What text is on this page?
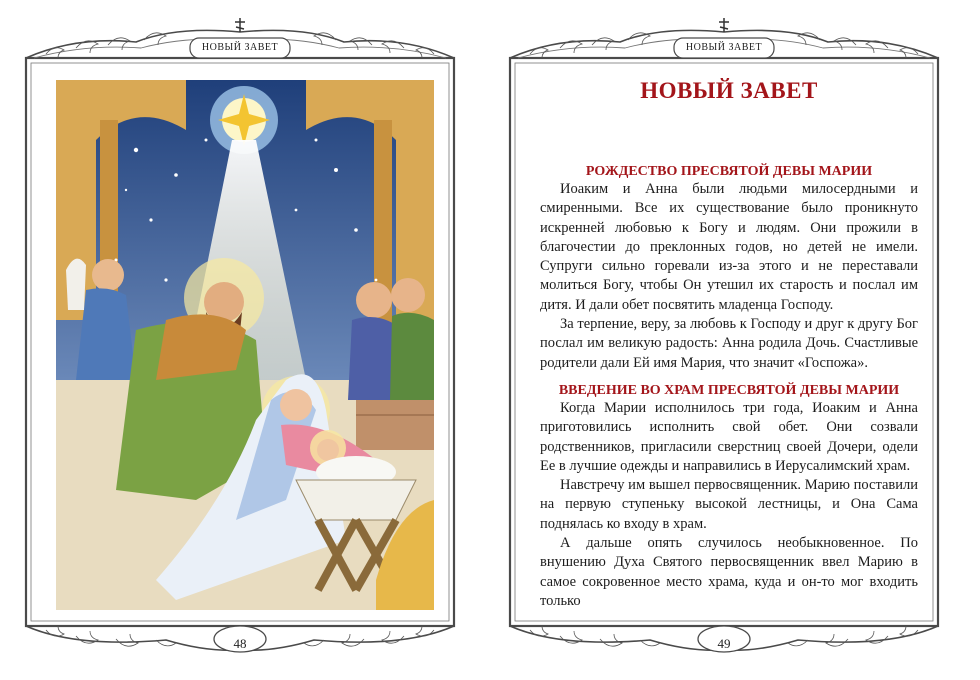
НОВЫЙ ЗАВЕТ
48
НОВЫЙ ЗАВЕТ
НОВЫЙ ЗАВЕТ
РОЖДЕСТВО ПРЕСВЯТОЙ ДЕВЫ МАРИИ

Иоаким и Анна были людьми милосердными и смиренными. Все их существование было проникнуто искренней любовью к Богу и людям. Они прожили в благочестии до преклонных годов, но детей не имели. Супруги сильно горевали из-за этого и не переставали молиться Богу, чтобы Он утешил их старость и послал им дитя. И дали обет посвятить младенца Господу.

За терпение, веру, за любовь к Господу и друг к другу Бог послал им великую радость: Анна родила Дочь. Счастливые родители дали Ей имя Мария, что значит «Госпожа».

ВВЕДЕНИЕ ВО ХРАМ ПРЕСВЯТОЙ ДЕВЫ МАРИИ

Когда Марии исполнилось три года, Иоаким и Анна приготовились исполнить свой обет. Они созвали родственников, пригласили сверстниц своей Дочери, одели Ее в лучшие одежды и направились в Иерусалимский храм.

Навстречу им вышел первосвященник. Марию поставили на первую ступеньку высокой лестницы, и Она Сама поднялась ко входу в храм.

А дальше опять случилось необыкновенное. По внушению Духа Святого первосвященник ввел Марию в самое сокровенное место храма, куда и он-то мог входить только

49
